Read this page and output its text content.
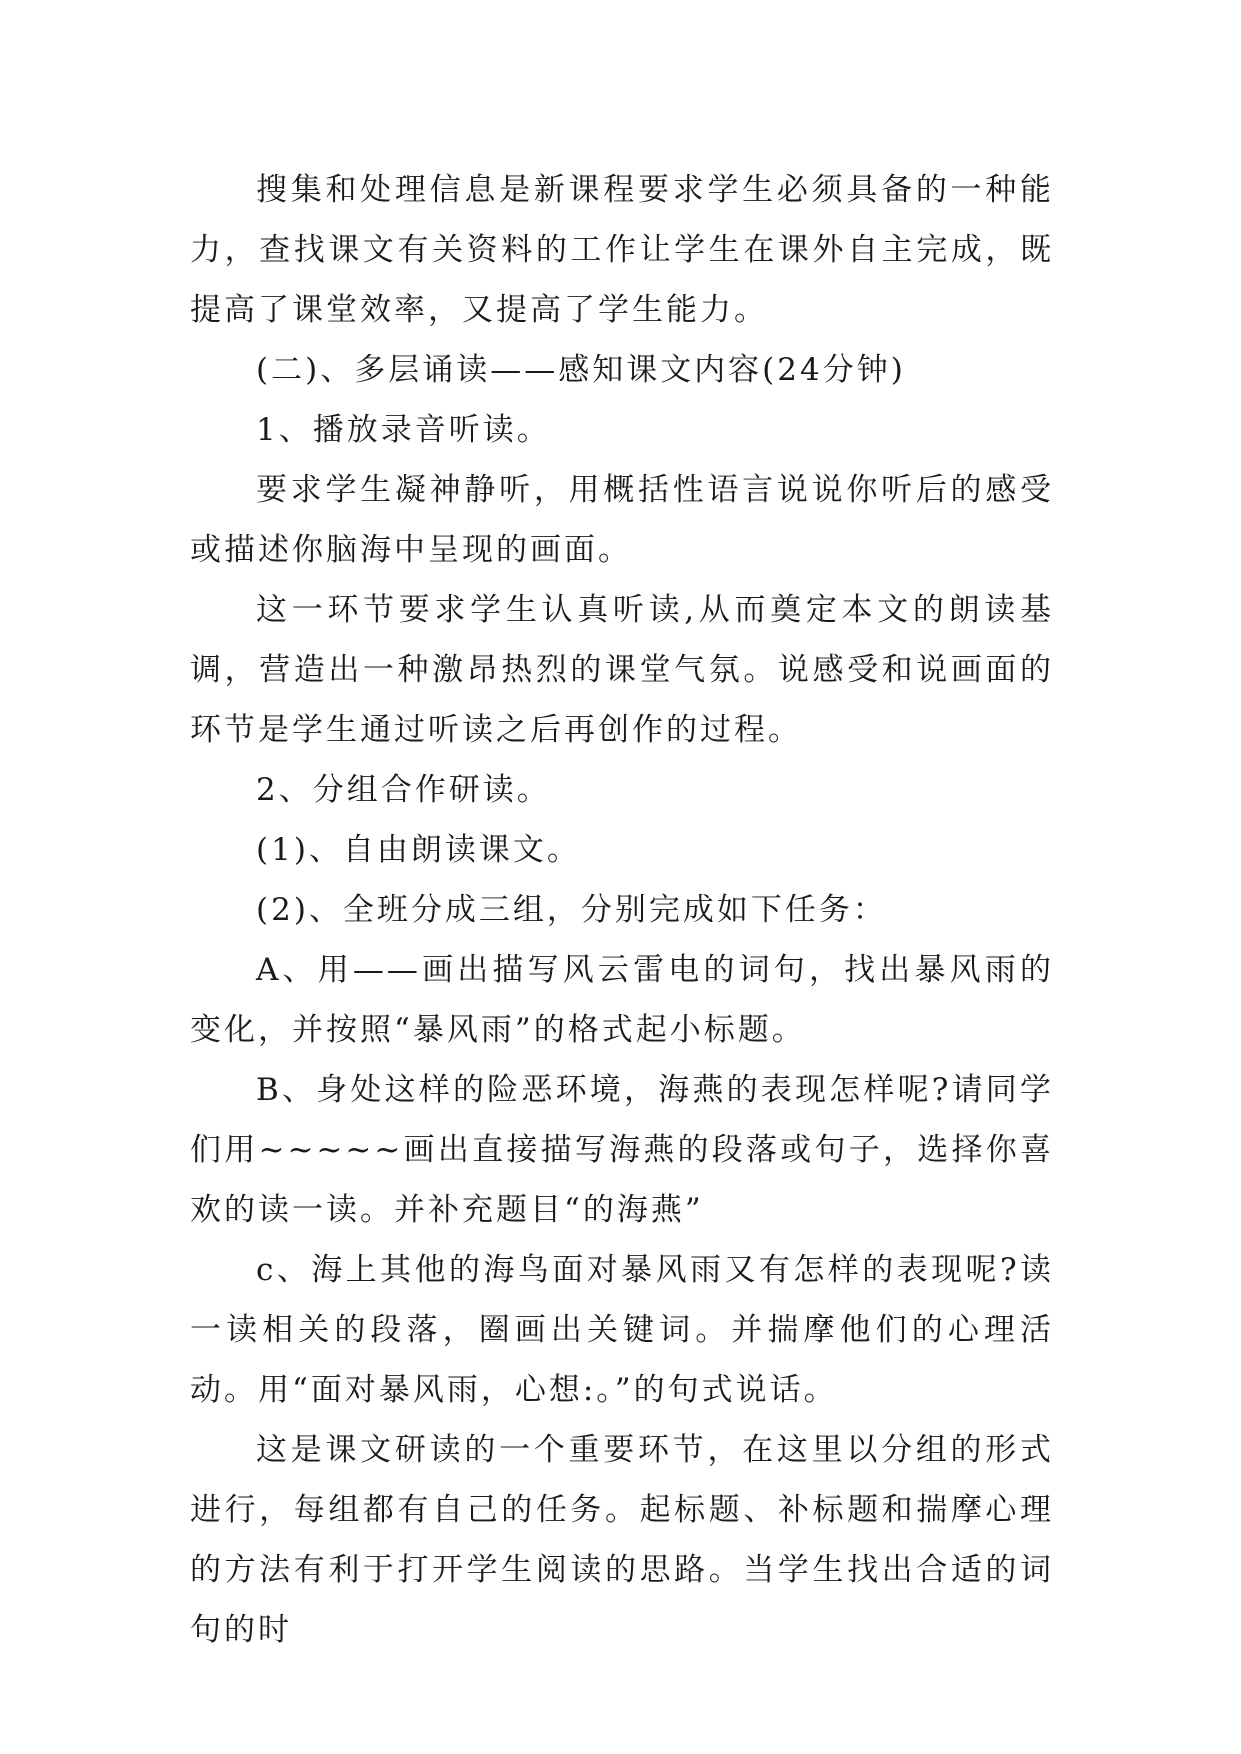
搜集和处理信息是新课程要求学生必须具备的一种能力，查找课文有关资料的工作让学生在课外自主完成，既提高了课堂效率，又提高了学生能力。

(二)、多层诵读——感知课文内容(24分钟)

1、播放录音听读。

要求学生凝神静听，用概括性语言说说你听后的感受或描述你脑海中呈现的画面。

这一环节要求学生认真听读,从而奠定本文的朗读基调，营造出一种激昂热烈的课堂气氛。说感受和说画面的环节是学生通过听读之后再创作的过程。

2、分组合作研读。

(1)、自由朗读课文。

(2)、全班分成三组，分别完成如下任务：

A、用——画出描写风云雷电的词句，找出暴风雨的变化，并按照“暴风雨”的格式起小标题。

B、身处这样的险恶环境，海燕的表现怎样呢?请同学们用~~~~~画出直接描写海燕的段落或句子，选择你喜欢的读一读。并补充题目“的海燕”

c、海上其他的海鸟面对暴风雨又有怎样的表现呢?读一读相关的段落，圈画出关键词。并揣摩他们的心理活动。用“面对暴风雨，心想:。”的句式说话。

这是课文研读的一个重要环节，在这里以分组的形式进行，每组都有自己的任务。起标题、补标题和揣摩心理的方法有利于打开学生阅读的思路。当学生找出合适的词句的时
